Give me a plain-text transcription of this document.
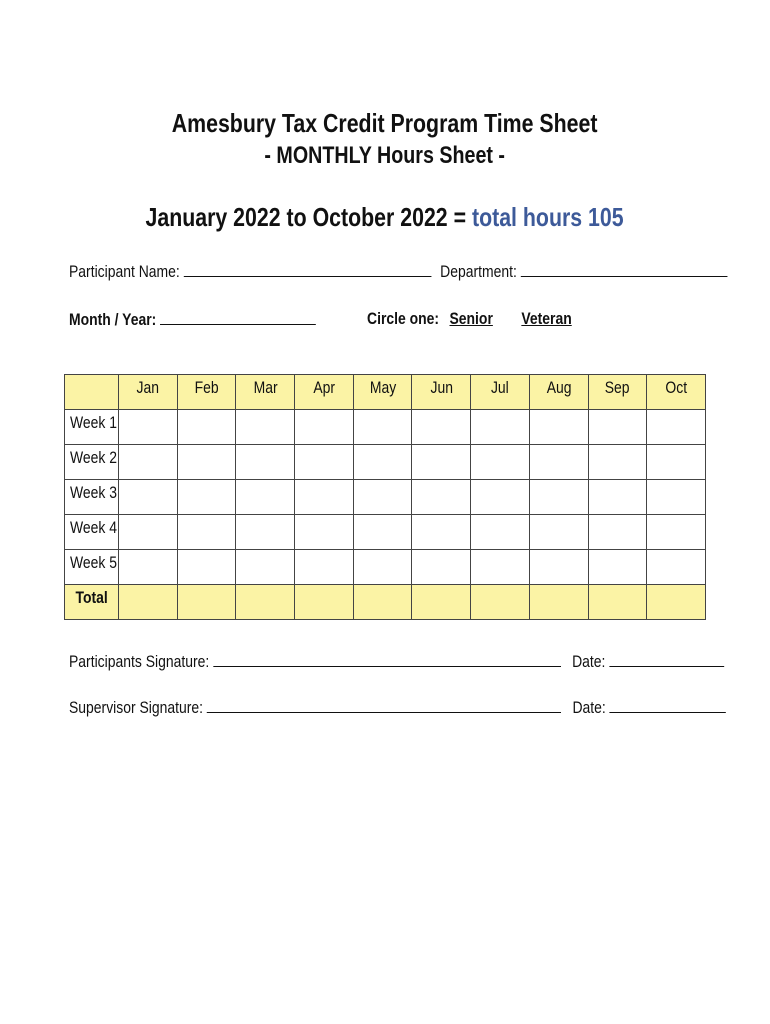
Amesbury Tax Credit Program Time Sheet
- MONTHLY Hours Sheet -
January 2022 to October 2022 = total hours 105
Participant Name:	Department:
Month / Year:	Circle one: Senior Veteran
	Jan	Feb	Mar	Apr	May	Jun	Jul	Aug	Sep	Oct
Week 1										
Week 2										
Week 3										
Week 4										
Week 5										
Total										
Participants Signature:	Date:
Supervisor Signature:	Date:
